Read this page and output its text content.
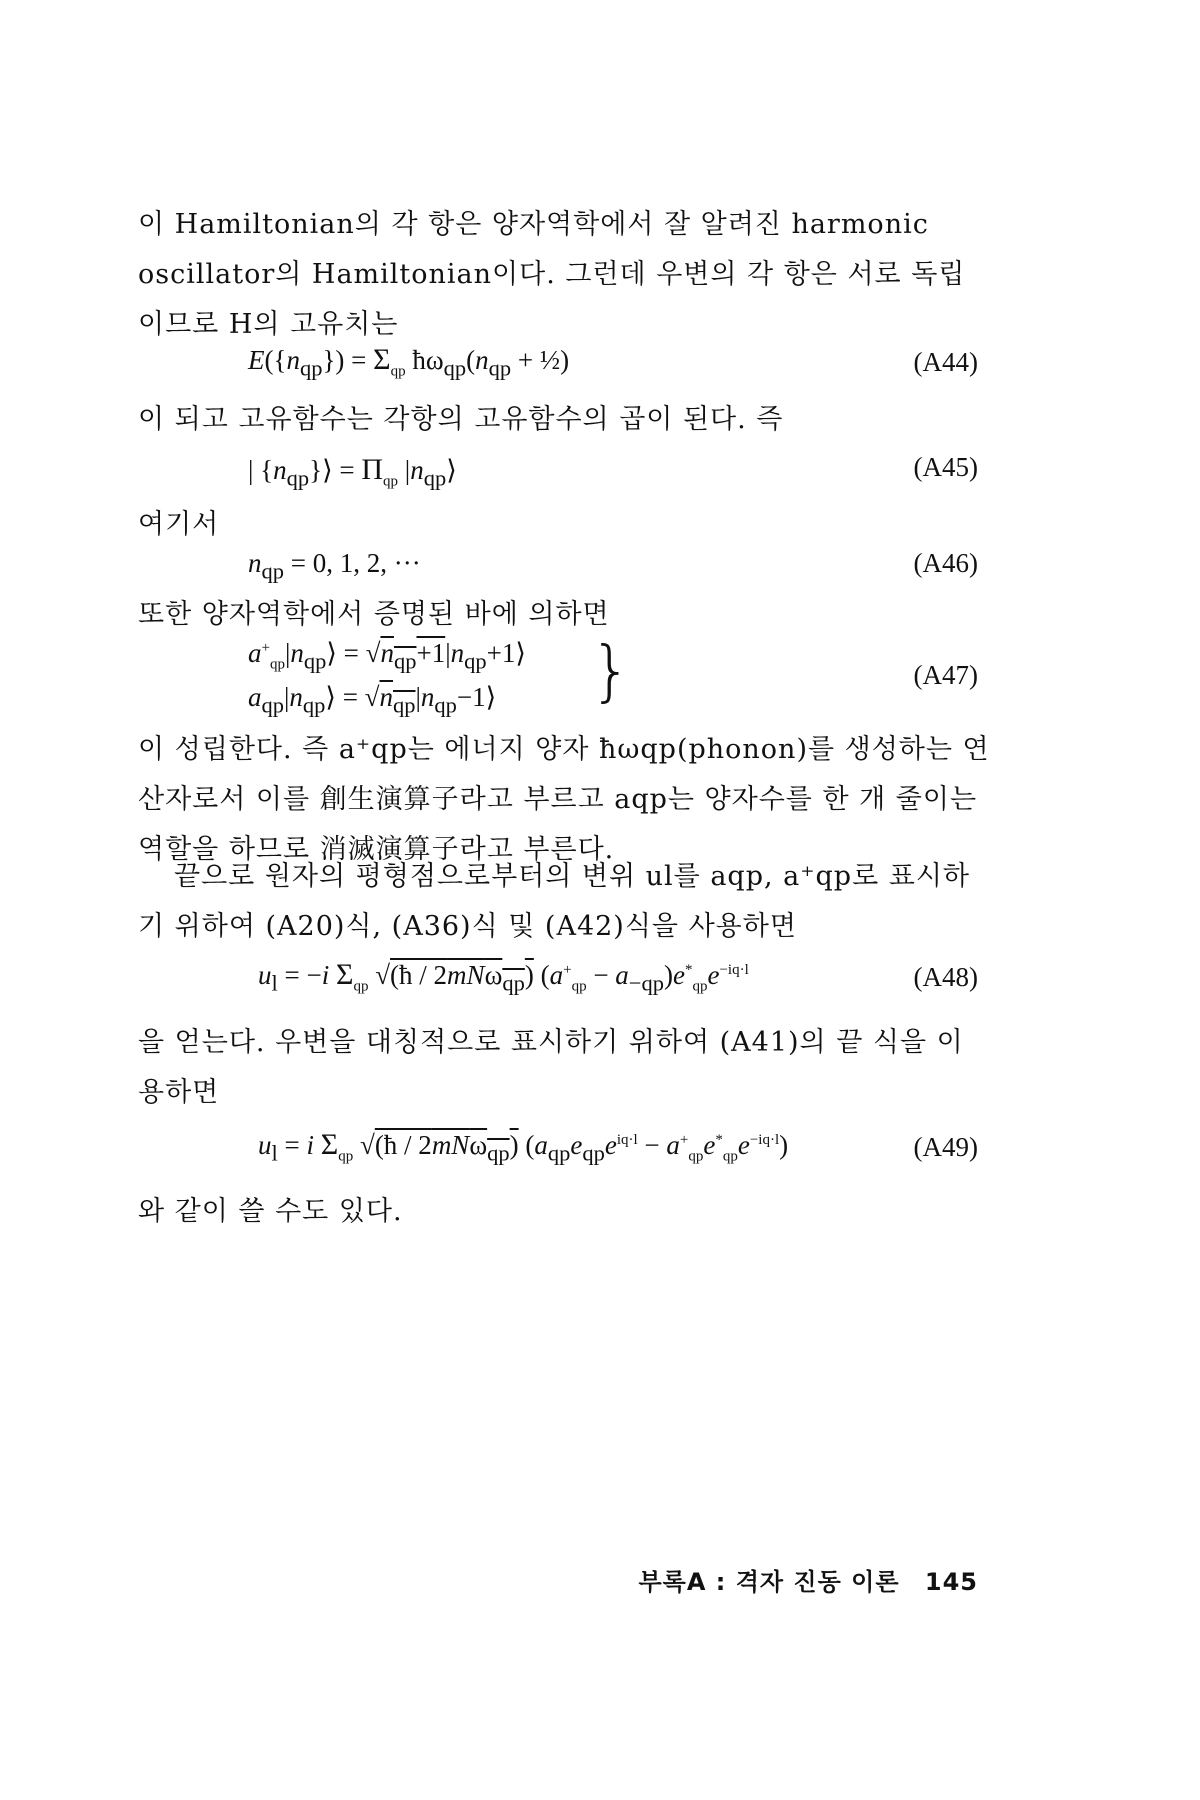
이 Hamiltonian의 각 항은 양자역학에서 잘 알려진 harmonic oscillator의 Hamiltonian이다. 그런데 우변의 각 항은 서로 독립이므로 H의 고유치는
$E(\{n_{qp}\}) = \Sigma_{qp}$ $ħ\omega_{qp}(n_{qp}$ + ½)	(A44)
이 되고 고유함수는 각항의 고유함수의 곱이 된다. 즉
| $\{n_{qp}\}⟩ = \Pi_{qp}$ $|n_{qp}⟩$	(A45)
여기서
$n_{qp} = 0$, 1, 2, ···	(A46)
또한 양자역학에서 증명된 바에 의하면
$a^+_{qp}|n_{qp}⟩$ = $√n_{qp}+1|n_{qp}+1⟩$
$a_{qp}|n_{qp}⟩$ = $√n_{qp}|n_{qp}-1⟩$ }	(A47)
이 성립한다. 즉 a⁺qp는 에너지 양자 ħωqp(phonon)를 생성하는 연산자로서 이를 創生演算子라고 부르고 aqp는 양자수를 한 개 줄이는 역할을 하므로 消滅演算子라고 부른다.
끝으로 원자의 평형점으로부터의 변위 ul를 aqp, a⁺qp로 표시하기 위하여 (A20)식, (A36)식 및 (A42)식을 사용하면
$u_l = -i$ $\Sigma_{qp}$ √(ħ / 2mNω$_{qp}$) $(a^+_{qp} - a_{-qp})e^*_{qp}e^{-iq\cdot l}$	(A48)
을 얻는다. 우변을 대칭적으로 표시하기 위하여 (A41)의 끝 식을 이용하면
$u_l = i$ $\Sigma_{qp}$ √(ħ / 2mNω$_{qp}$) $(a_{qp}e_{qp}e^{iq\cdot l} - a^+_{qp}e^*_{qp}e^{-iq\cdot l})$	(A49)
와 같이 쓸 수도 있다.
부록A : 격자 진동 이론 145
